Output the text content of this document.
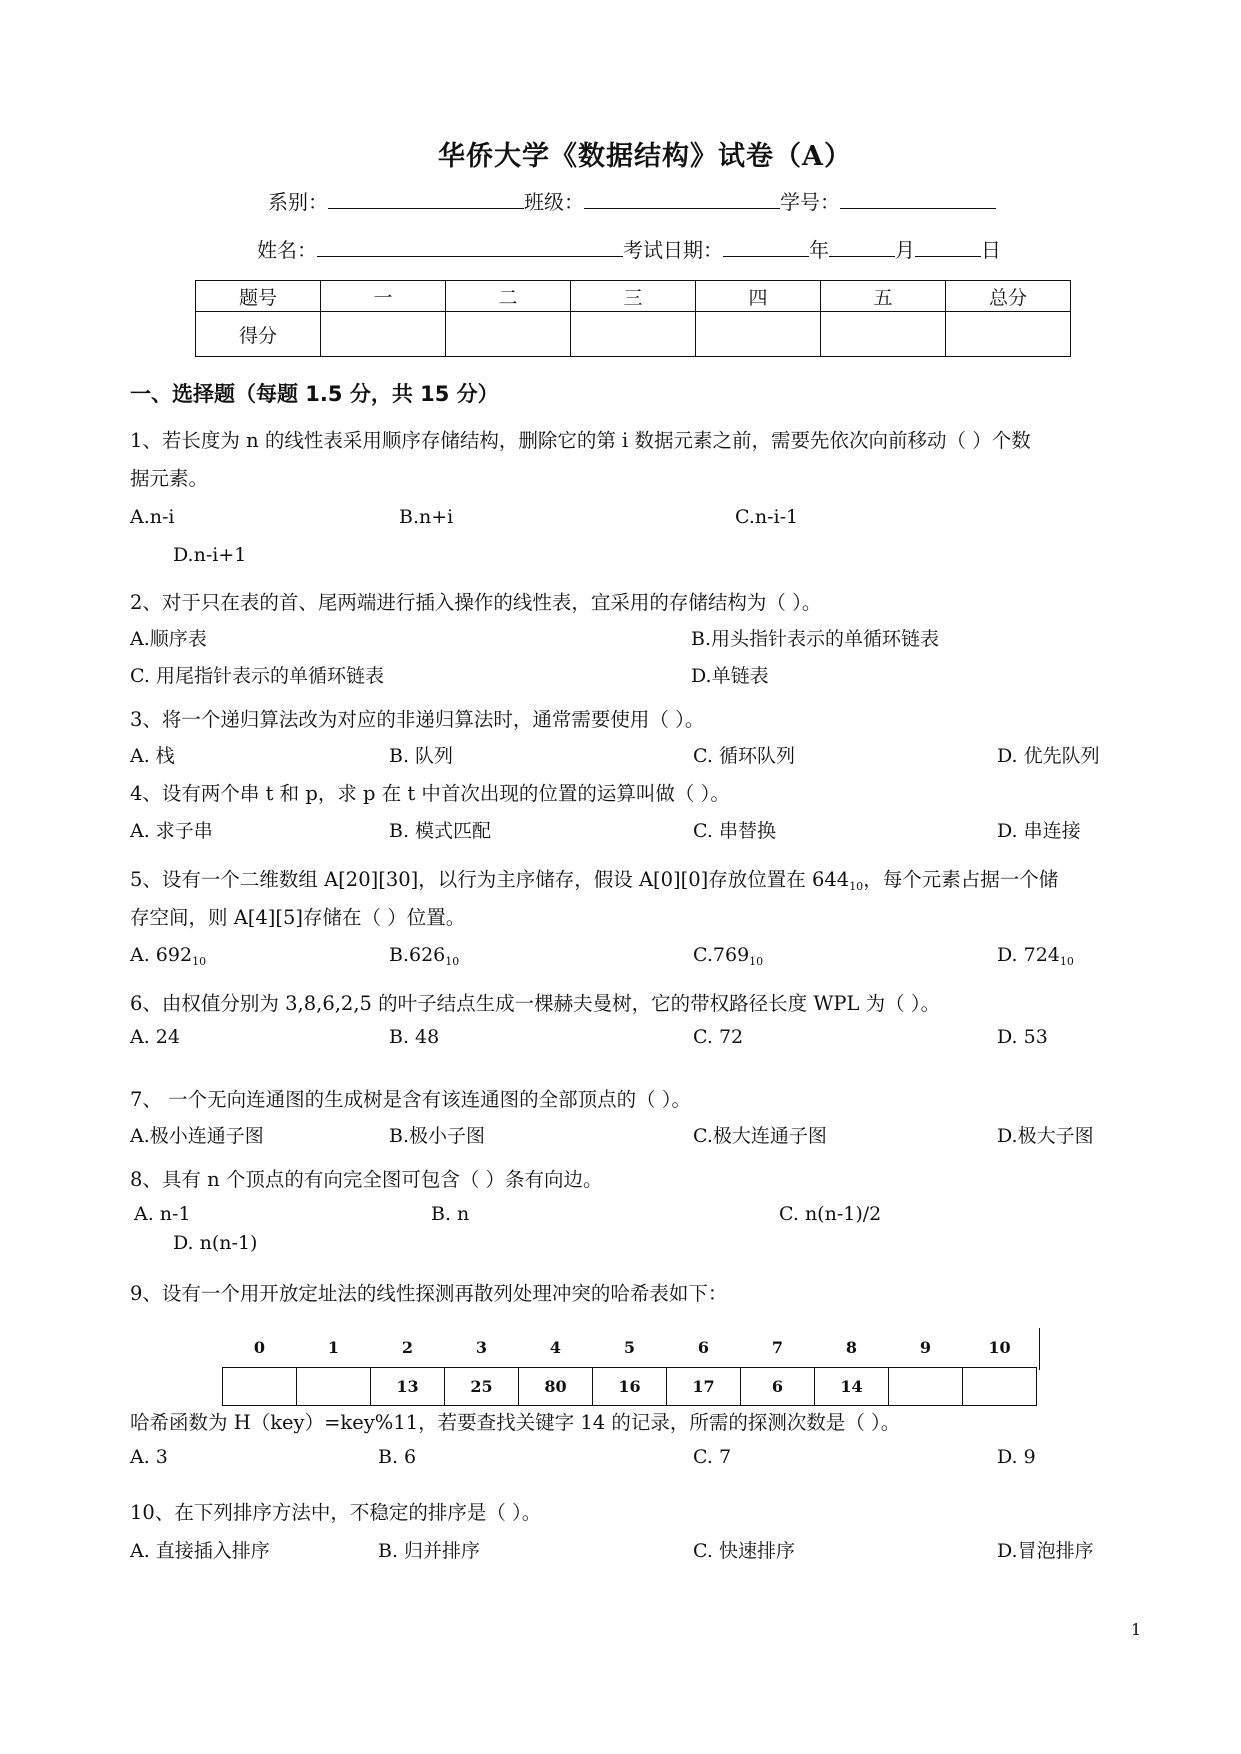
华侨大学《数据结构》试卷（A）
系别：	班级：	学号：
姓名：	考试日期：	年	月	日
题号	一	二	三	四	五	总分
得分						
一、选择题（每题 1.5 分，共 15 分）
1、若长度为 n 的线性表采用顺序存储结构，删除它的第 i 数据元素之前，需要先依次向前移动（ ）个数
据元素。
A.n-i	B.n+i	C.n-i-1
D.n-i+1
2、对于只在表的首、尾两端进行插入操作的线性表，宜采用的存储结构为（ ）。
A.顺序表	B.用头指针表示的单循环链表
C. 用尾指针表示的单循环链表	D.单链表
3、将一个递归算法改为对应的非递归算法时，通常需要使用（ ）。
A. 栈	B. 队列	C. 循环队列	D. 优先队列
4、设有两个串 t 和 p，求 p 在 t 中首次出现的位置的运算叫做（ ）。
A. 求子串	B. 模式匹配	C. 串替换	D. 串连接
5、设有一个二维数组 A[20][30]，以行为主序储存，假设 A[0][0]存放位置在 $644_{10}$，每个元素占据一个储
存空间，则 A[4][5]存储在（ ）位置。
A. $692_{10}$	$B.626_{10}$	$C.769_{10}$	D. $724_{10}$
6、由权值分别为 3,8,6,2,5 的叶子结点生成一棵赫夫曼树，它的带权路径长度 WPL 为（ ）。
A. 24	B. 48	C. 72	D. 53
7、 一个无向连通图的生成树是含有该连通图的全部顶点的（ ）。
A.极小连通子图	B.极小子图	C.极大连通子图	D.极大子图
8、具有 n 个顶点的有向完全图可包含（ ）条有向边。
A. n-1	B. n	C. n(n-1)/2
D. n(n-1)
9、设有一个用开放定址法的线性探测再散列处理冲突的哈希表如下：
0	1	2	3	4	5	6	7	8	9	10
		13	25	80	16	17	6	14		
哈希函数为 H（key）=key%11，若要查找关键字 14 的记录，所需的探测次数是（ ）。
A. 3	B. 6	C. 7	D. 9
10、在下列排序方法中，不稳定的排序是（ ）。
A. 直接插入排序	B. 归并排序	C. 快速排序	D.冒泡排序
1
